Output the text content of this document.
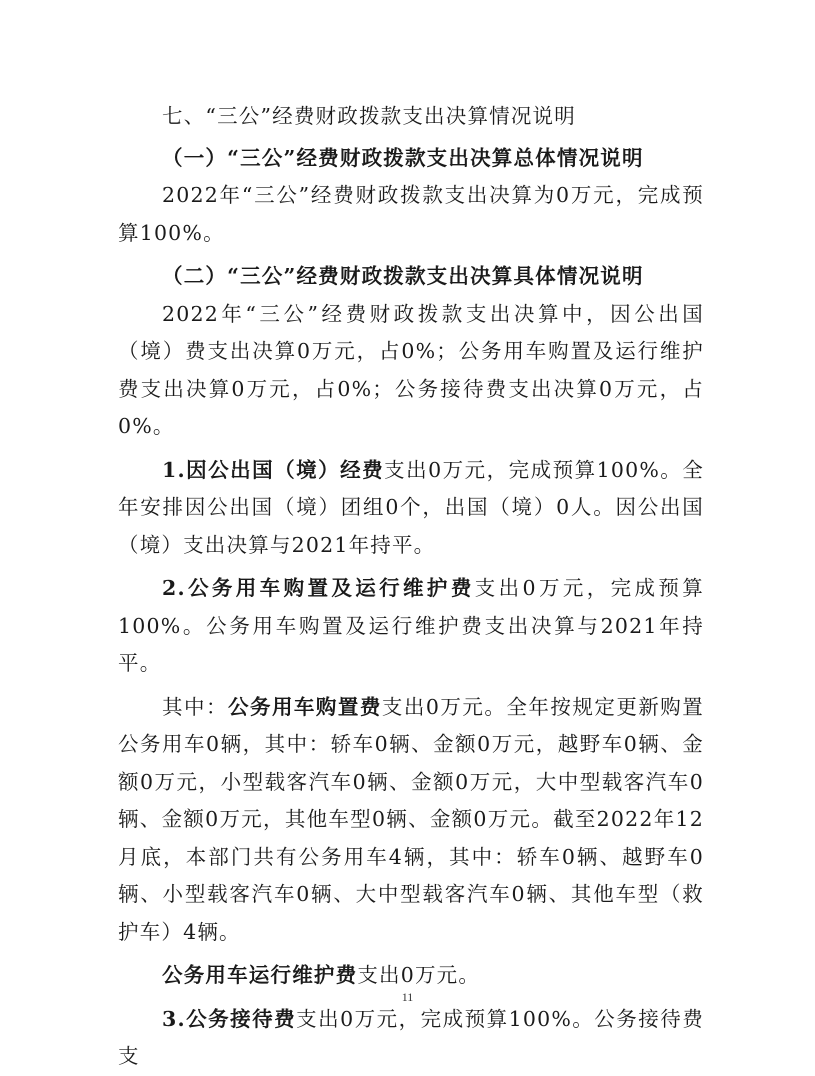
七、“三公”经费财政拨款支出决算情况说明

（一）“三公”经费财政拨款支出决算总体情况说明

2022年“三公”经费财政拨款支出决算为0万元，完成预算100%。

（二）“三公”经费财政拨款支出决算具体情况说明

2022年“三公”经费财政拨款支出决算中，因公出国（境）费支出决算0万元，占0%；公务用车购置及运行维护费支出决算0万元，占0%；公务接待费支出决算0万元，占0%。

1.因公出国（境）经费支出0万元，完成预算100%。全年安排因公出国（境）团组0个，出国（境）0人。因公出国（境）支出决算与2021年持平。

2.公务用车购置及运行维护费支出0万元，完成预算100%。公务用车购置及运行维护费支出决算与2021年持平。

其中：公务用车购置费支出0万元。全年按规定更新购置公务用车0辆，其中：轿车0辆、金额0万元，越野车0辆、金额0万元，小型载客汽车0辆、金额0万元，大中型载客汽车0辆、金额0万元，其他车型0辆、金额0万元。截至2022年12月底，本部门共有公务用车4辆，其中：轿车0辆、越野车0辆、小型载客汽车0辆、大中型载客汽车0辆、其他车型（救护车）4辆。

公务用车运行维护费支出0万元。

3.公务接待费支出0万元，完成预算100%。公务接待费支

11
